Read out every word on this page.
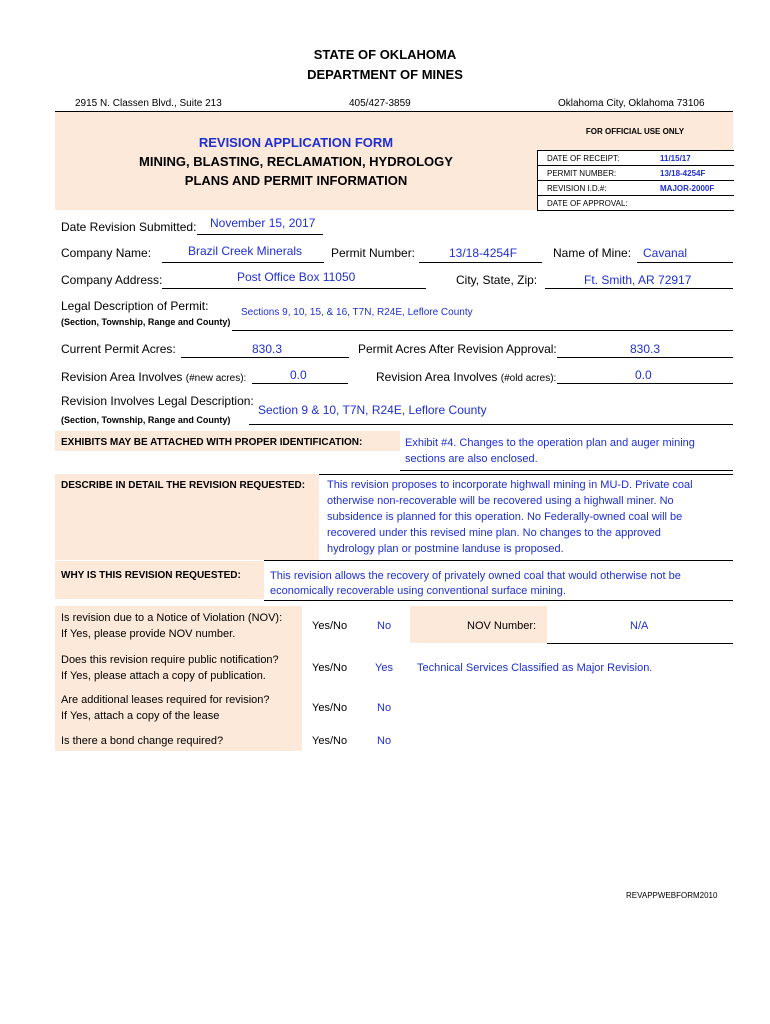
STATE OF OKLAHOMA
DEPARTMENT OF MINES
2915 N. Classen Blvd., Suite 213	405/427-3859	Oklahoma City, Oklahoma 73106
FOR OFFICIAL USE ONLY
REVISION APPLICATION FORM
MINING, BLASTING, RECLAMATION, HYDROLOGY
PLANS AND PERMIT INFORMATION
DATE OF RECEIPT:	11/15/17
PERMIT NUMBER:	13/18-4254F
REVISION I.D.#:	MAJOR-2000F
DATE OF APPROVAL:
Date Revision Submitted: November 15, 2017
Company Name:	Brazil Creek Minerals Permit Number:	13/18-4254F	Name of Mine: Cavanal
Company Address:	Post Office Box 11050	City, State, Zip:	Ft. Smith, AR 72917
Legal Description of Permit:
(Section, Township, Range and County)
Sections 9, 10, 15, & 16, T7N, R24E, Leflore County
Current Permit Acres:	830.3	Permit Acres After Revision Approval:	830.3
Revision Area Involves (#new acres):	0.0	Revision Area Involves (#old acres):	0.0
Revision Involves Legal Description:
(Section, Township, Range and County)
Section 9 & 10, T7N, R24E, Leflore County
EXHIBITS MAY BE ATTACHED WITH PROPER IDENTIFICATION:	Exhibit #4. Changes to the operation plan and auger mining
sections are also enclosed.
DESCRIBE IN DETAIL THE REVISION REQUESTED: This revision proposes to incorporate highwall mining in MU-D. Private coal
otherwise non-recoverable will be recovered using a highwall miner. No
subsidence is planned for this operation. No Federally-owned coal will be
recovered under this revised mine plan. No changes to the approved
hydrology plan or postmine landuse is proposed.
WHY IS THIS REVISION REQUESTED:	This revision allows the recovery of privately owned coal that would otherwise not be
economically recoverable using conventional surface mining.
Is revision due to a Notice of Violation (NOV):
If Yes, please provide NOV number.
Yes/No	No	NOV Number:	N/A
Does this revision require public notification?
If Yes, please attach a copy of publication.
Yes/No	Yes Technical Services Classified as Major Revision.
Are additional leases required for revision?
If Yes, attach a copy of the lease
Yes/No	No
Is there a bond change required?	Yes/No	No
REVAPPWEBFORM2010
